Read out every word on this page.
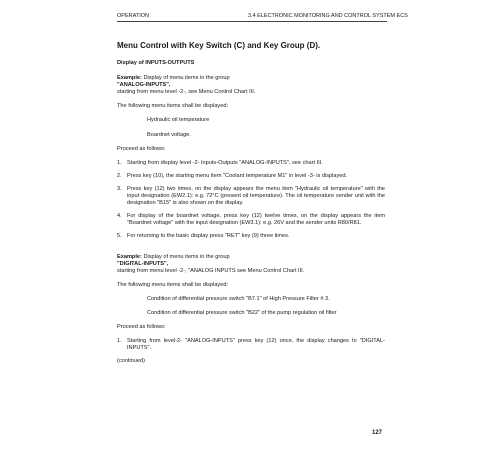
OPERATION	3.4 ELECTRONIC MONITORING AND CONTROL SYSTEM ECS
Menu Control with Key Switch (C) and Key Group (D).

Display of INPUTS-OUTPUTS

Example: Display of menu items in the group

"ANALOG-INPUTS",

starting from menu level -2-, see Menu Control Chart III.

The following menu items shall be displayed:

Hydraulic oil temperature

Boardnet voltage.

Proceed as follows:

1. Starting from display level -2- Inputs-Outputs "ANALOG-INPUTS", see chart III.
2. Press key (10), the starting menu item "Coolant temperature M1" in level -3- is displayed.
3. Press key (12) two times, on the display appears the menu item "Hydraulic oil temperature" with the input designation (EW2.1): e.g. 72°C (present oil temperature). The oil temperature sender unit with the designation "B15" is also shown on the display.
4. For display of the boardnet voltage, press key (12) twelve times, on the display appears the item "Boardnet voltage" with the input designation (EW3.1): e.g. 26V and the sender units R80/R81.
5. For returning to the basic display press "RET" key (9) three times.

Example: Display of menu items in the group

"DIGITAL-INPUTS",

starting from menu level -2-, "ANALOG INPUTS see Menu Control Chart III.

The following menu items shall be displayed:

Condition of differential pressure switch "B7.1" of High Pressure Filter # 3.

Condition of differential pressure switch "B22" of the pump regulation oil filter

Proceed as follows:

1. Starting from level-2- "ANALOG-INPUTS" press key (12) once, the display changes to "DIGITAL-INPUTS".

(continued)

127
